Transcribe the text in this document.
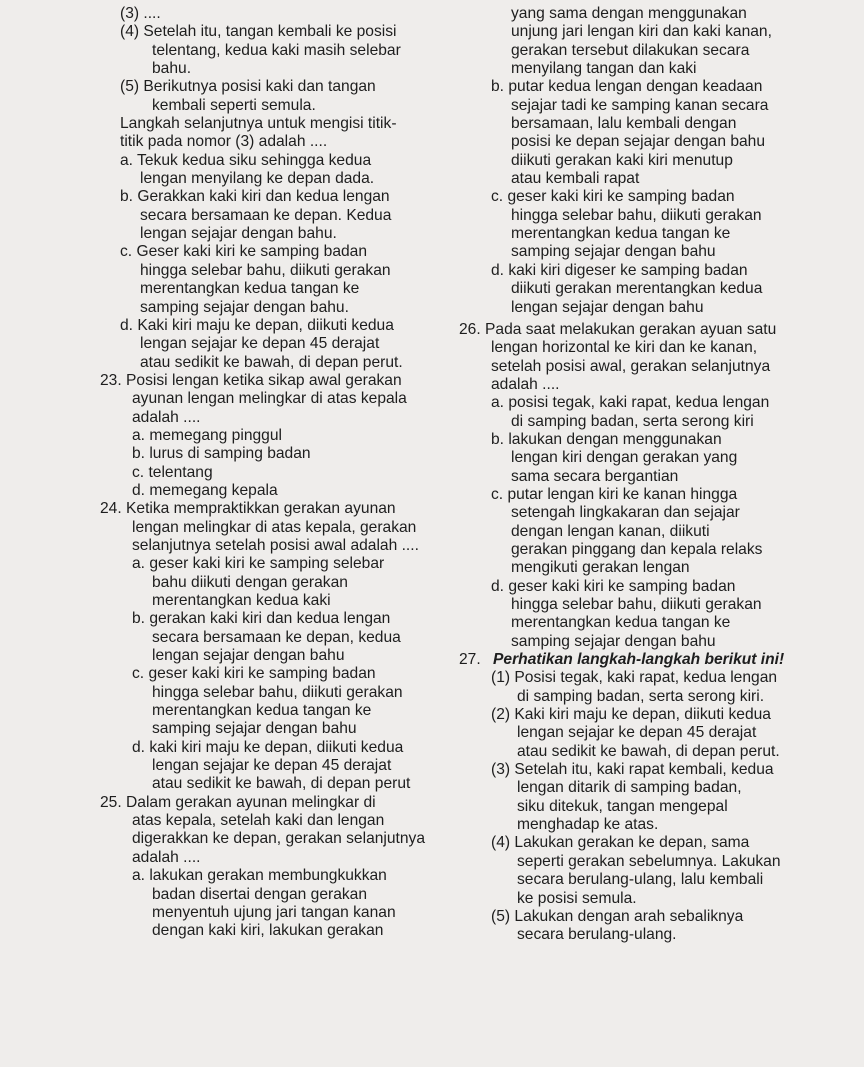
(3) ....
(4) Setelah itu, tangan kembali ke posisi
telentang, kedua kaki masih selebar
bahu.
(5) Berikutnya posisi kaki dan tangan
kembali seperti semula.
Langkah selanjutnya untuk mengisi titik-
titik pada nomor (3) adalah ....
a. Tekuk kedua siku sehingga kedua
lengan menyilang ke depan dada.
b. Gerakkan kaki kiri dan kedua lengan
secara bersamaan ke depan. Kedua
lengan sejajar dengan bahu.
c. Geser kaki kiri ke samping badan
hingga selebar bahu, diikuti gerakan
merentangkan kedua tangan ke
samping sejajar dengan bahu.
d. Kaki kiri maju ke depan, diikuti kedua
lengan sejajar ke depan 45 derajat
atau sedikit ke bawah, di depan perut.
23. Posisi lengan ketika sikap awal gerakan
ayunan lengan melingkar di atas kepala
adalah ....
a. memegang pinggul
b. lurus di samping badan
c. telentang
d. memegang kepala
24. Ketika mempraktikkan gerakan ayunan
lengan melingkar di atas kepala, gerakan
selanjutnya setelah posisi awal adalah ....
a. geser kaki kiri ke samping selebar
bahu diikuti dengan gerakan
merentangkan kedua kaki
b. gerakan kaki kiri dan kedua lengan
secara bersamaan ke depan, kedua
lengan sejajar dengan bahu
c. geser kaki kiri ke samping badan
hingga selebar bahu, diikuti gerakan
merentangkan kedua tangan ke
samping sejajar dengan bahu
d. kaki kiri maju ke depan, diikuti kedua
lengan sejajar ke depan 45 derajat
atau sedikit ke bawah, di depan perut
25. Dalam gerakan ayunan melingkar di
atas kepala, setelah kaki dan lengan
digerakkan ke depan, gerakan selanjutnya
adalah ....
a. lakukan gerakan membungkukkan
badan disertai dengan gerakan
menyentuh ujung jari tangan kanan
dengan kaki kiri, lakukan gerakan
yang sama dengan menggunakan
unjung jari lengan kiri dan kaki kanan,
gerakan tersebut dilakukan secara
menyilang tangan dan kaki
b. putar kedua lengan dengan keadaan
sejajar tadi ke samping kanan secara
bersamaan, lalu kembali dengan
posisi ke depan sejajar dengan bahu
diikuti gerakan kaki kiri menutup
atau kembali rapat
c. geser kaki kiri ke samping badan
hingga selebar bahu, diikuti gerakan
merentangkan kedua tangan ke
samping sejajar dengan bahu
d. kaki kiri digeser ke samping badan
diikuti gerakan merentangkan kedua
lengan sejajar dengan bahu
26. Pada saat melakukan gerakan ayuan satu
lengan horizontal ke kiri dan ke kanan,
setelah posisi awal, gerakan selanjutnya
adalah ....
a. posisi tegak, kaki rapat, kedua lengan
di samping badan, serta serong kiri
b. lakukan dengan menggunakan
lengan kiri dengan gerakan yang
sama secara bergantian
c. putar lengan kiri ke kanan hingga
setengah lingkakaran dan sejajar
dengan lengan kanan, diikuti
gerakan pinggang dan kepala relaks
mengikuti gerakan lengan
d. geser kaki kiri ke samping badan
hingga selebar bahu, diikuti gerakan
merentangkan kedua tangan ke
samping sejajar dengan bahu
27. Perhatikan langkah-langkah berikut ini!
(1) Posisi tegak, kaki rapat, kedua lengan
di samping badan, serta serong kiri.
(2) Kaki kiri maju ke depan, diikuti kedua
lengan sejajar ke depan 45 derajat
atau sedikit ke bawah, di depan perut.
(3) Setelah itu, kaki rapat kembali, kedua
lengan ditarik di samping badan,
siku ditekuk, tangan mengepal
menghadap ke atas.
(4) Lakukan gerakan ke depan, sama
seperti gerakan sebelumnya. Lakukan
secara berulang-ulang, lalu kembali
ke posisi semula.
(5) Lakukan dengan arah sebaliknya
secara berulang-ulang.
